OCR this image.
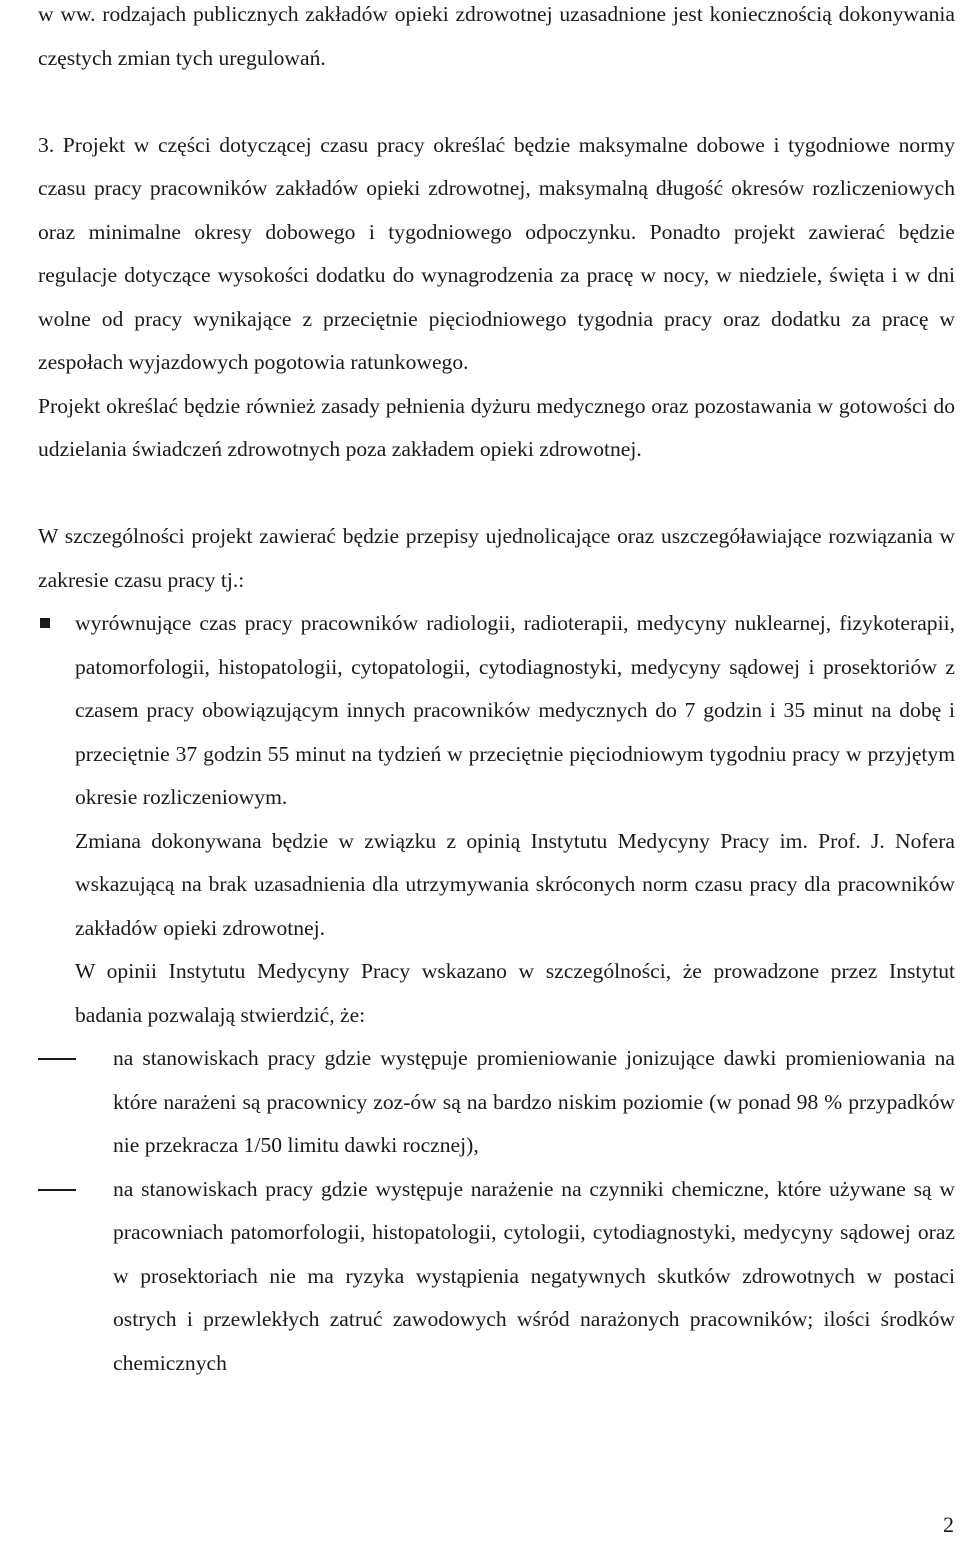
w ww. rodzajach publicznych zakładów opieki zdrowotnej uzasadnione jest koniecznością dokonywania częstych zmian tych uregulowań.

3. Projekt w części dotyczącej czasu pracy określać będzie maksymalne dobowe i tygodniowe normy czasu pracy pracowników zakładów opieki zdrowotnej, maksymalną długość okresów rozliczeniowych oraz minimalne okresy dobowego i tygodniowego odpoczynku. Ponadto projekt zawierać będzie regulacje dotyczące wysokości dodatku do wynagrodzenia za pracę w nocy, w niedziele, święta i w dni wolne od pracy wynikające z przeciętnie pięciodniowego tygodnia pracy oraz dodatku za pracę w zespołach wyjazdowych pogotowia ratunkowego.

Projekt określać będzie również zasady pełnienia dyżuru medycznego oraz pozostawania w gotowości do udzielania świadczeń zdrowotnych poza zakładem opieki zdrowotnej.

W szczególności projekt zawierać będzie przepisy ujednolicające oraz uszczegóławiające rozwiązania w zakresie czasu pracy tj.:

wyrównujące czas pracy pracowników radiologii, radioterapii, medycyny nuklearnej, fizykoterapii, patomorfologii, histopatologii, cytopatologii, cytodiagnostyki, medycyny sądowej i prosektoriów z czasem pracy obowiązującym innych pracowników medycznych do 7 godzin i 35 minut na dobę i przeciętnie 37 godzin 55 minut na tydzień w przeciętnie pięciodniowym tygodniu pracy w przyjętym okresie rozliczeniowym.

Zmiana dokonywana będzie w związku z opinią Instytutu Medycyny Pracy im. Prof. J. Nofera wskazującą na brak uzasadnienia dla utrzymywania skróconych norm czasu pracy dla pracowników zakładów opieki zdrowotnej.

W opinii Instytutu Medycyny Pracy wskazano w szczególności, że prowadzone przez Instytut badania pozwalają stwierdzić, że:

na stanowiskach pracy gdzie występuje promieniowanie jonizujące dawki promieniowania na które narażeni są pracownicy zoz-ów są na bardzo niskim poziomie (w ponad 98 % przypadków nie przekracza 1/50 limitu dawki rocznej),

na stanowiskach pracy gdzie występuje narażenie na czynniki chemiczne, które używane są w pracowniach patomorfologii, histopatologii, cytologii, cytodiagnostyki, medycyny sądowej oraz w prosektoriach nie ma ryzyka wystąpienia negatywnych skutków zdrowotnych w postaci ostrych i przewlekłych zatruć zawodowych wśród narażonych pracowników; ilości środków chemicznych

2
